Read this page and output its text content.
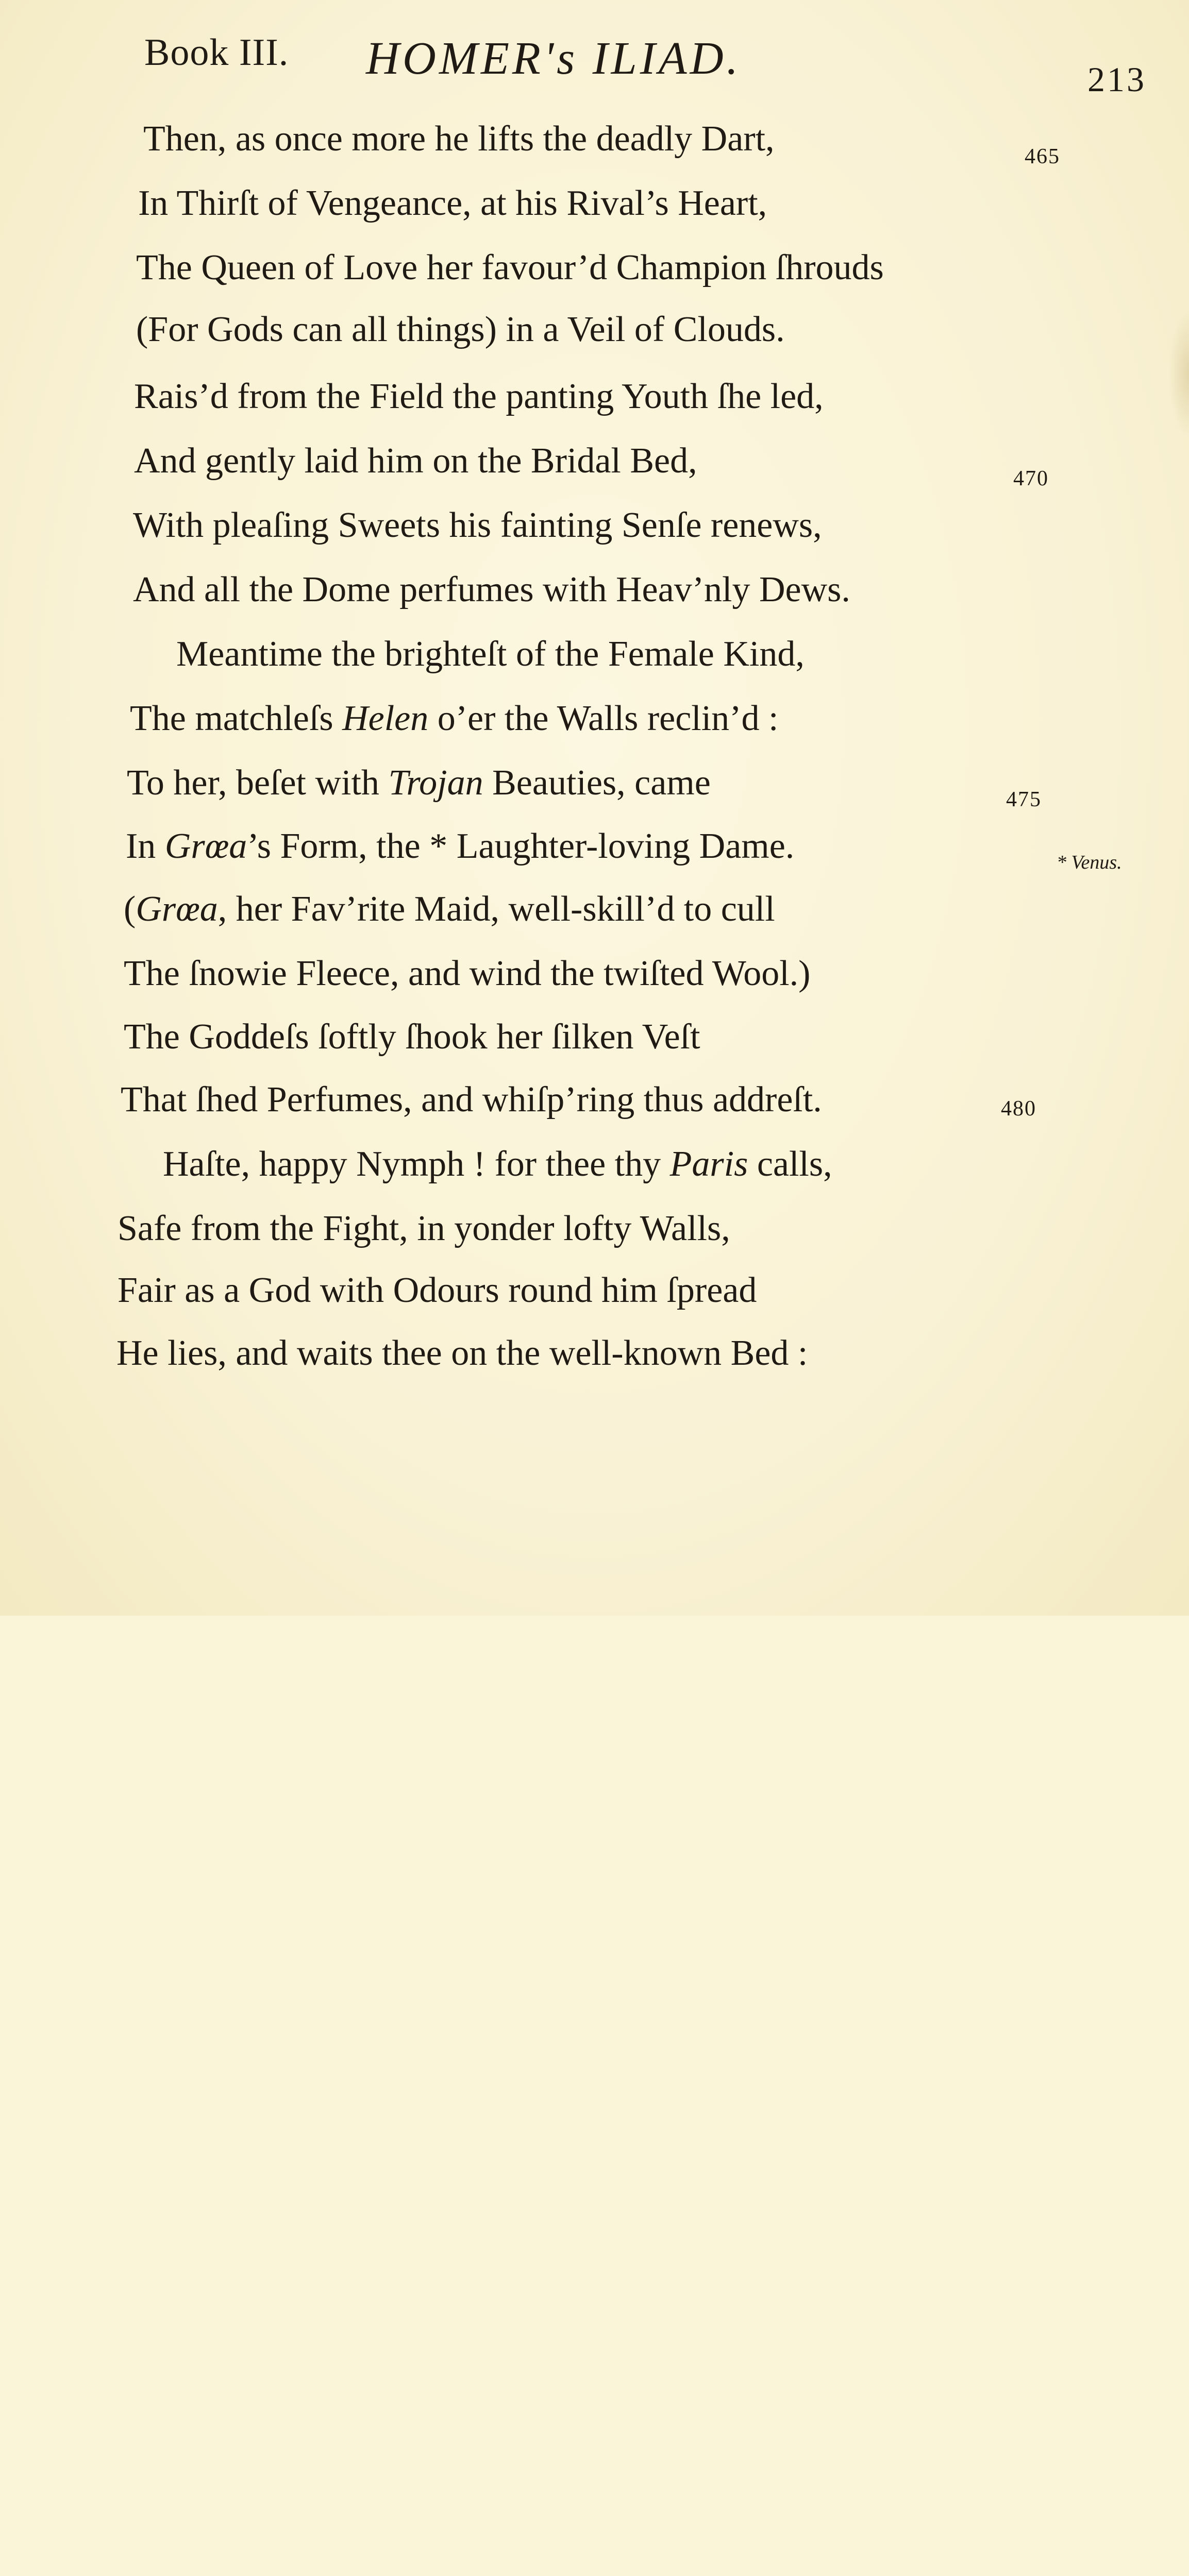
Book III. HOMER's ILIAD.	213
Then, as once more he lifts the deadly Dart,
In Thirſt of Vengeance, at his Rival’s Heart,
The Queen of Love her favour’d Champion ſhrouds
(For Gods can all things) in a Veil of Clouds.
Rais’d from the Field the panting Youth ſhe led,
And gently laid him on the Bridal Bed,
With pleaſing Sweets his fainting Senſe renews,
And all the Dome perfumes with Heav’nly Dews.
Meantime the brighteſt of the Female Kind,
The matchleſs Helen o’er the Walls reclin’d :
To her, beſet with Trojan Beauties, came
In Grœa’s Form, the * Laughter-loving Dame.
(Grœa, her Fav’rite Maid, well-skill’d to cull
The ſnowie Fleece, and wind the twiſted Wool.)
The Goddeſs ſoftly ſhook her ſilken Veſt
That ſhed Perfumes, and whiſp’ring thus addreſt.
Haſte, happy Nymph ! for thee thy Paris calls,
Safe from the Fight, in yonder lofty Walls,
Fair as a God with Odours round him ſpread
He lies, and waits thee on the well-known Bed :
465
470
475
480
* Venus.
